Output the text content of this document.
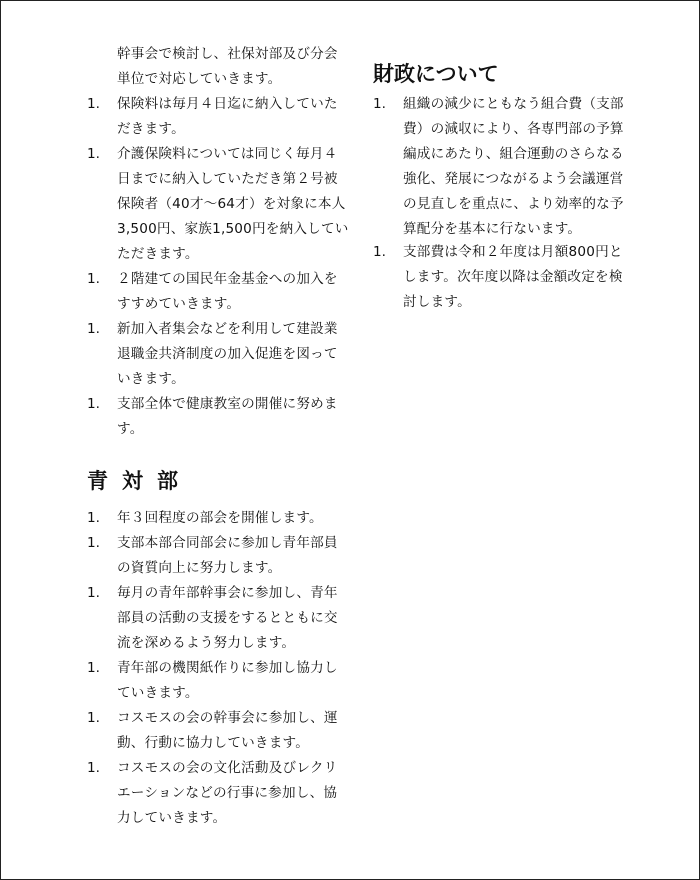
幹事会で検討し、社保対部及び分会
単位で対応していきます。
1. 保険料は毎月４日迄に納入していた
だきます。
1. 介護保険料については同じく毎月４
日までに納入していただき第２号被
保険者（40才～64才）を対象に本人
3,500円、家族1,500円を納入してい
ただきます。
1. ２階建ての国民年金基金への加入を
すすめていきます。
1. 新加入者集会などを利用して建設業
退職金共済制度の加入促進を図って
いきます。
1. 支部全体で健康教室の開催に努めま
す。
青対部
1. 年３回程度の部会を開催します。
1. 支部本部合同部会に参加し青年部員
の資質向上に努力します。
1. 毎月の青年部幹事会に参加し、青年
部員の活動の支援をするとともに交
流を深めるよう努力します。
1. 青年部の機関紙作りに参加し協力し
ていきます。
1. コスモスの会の幹事会に参加し、運
動、行動に協力していきます。
1. コスモスの会の文化活動及びレクリ
エーションなどの行事に参加し、協
力していきます。
財政について
1. 組織の減少にともなう組合費（支部
費）の減収により、各専門部の予算
編成にあたり、組合運動のさらなる
強化、発展につながるよう会議運営
の見直しを重点に、より効率的な予
算配分を基本に行ないます。
1. 支部費は令和２年度は月額800円と
します。次年度以降は金額改定を検
討します。
